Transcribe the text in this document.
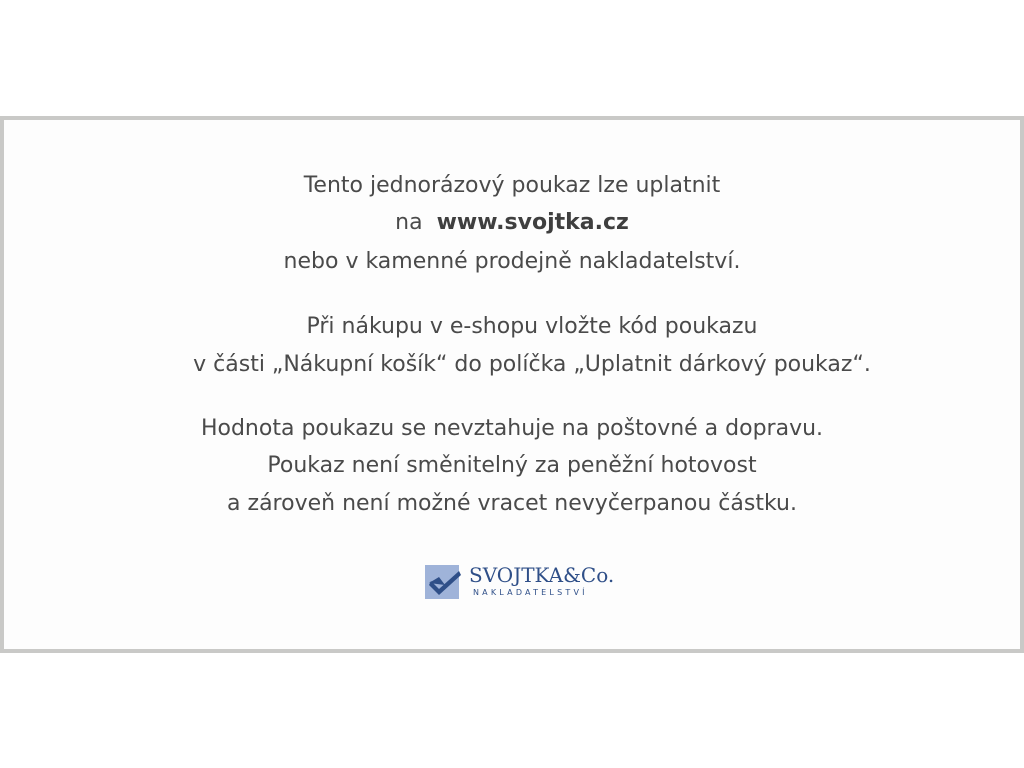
Tento jednorázový poukaz lze uplatnit
na  www.svojtka.cz
nebo v kamenné prodejně nakladatelství.
Při nákupu v e-shopu vložte kód poukazu
v části „Nákupní košík“ do políčka „Uplatnit dárkový poukaz“.
Hodnota poukazu se nevztahuje na poštovné a dopravu.
Poukaz není směnitelný za peněžní hotovost
a zároveň není možné vracet nevyčerpanou částku.
SVOJTKA&Co.
NAKLADATELSTVÍ
